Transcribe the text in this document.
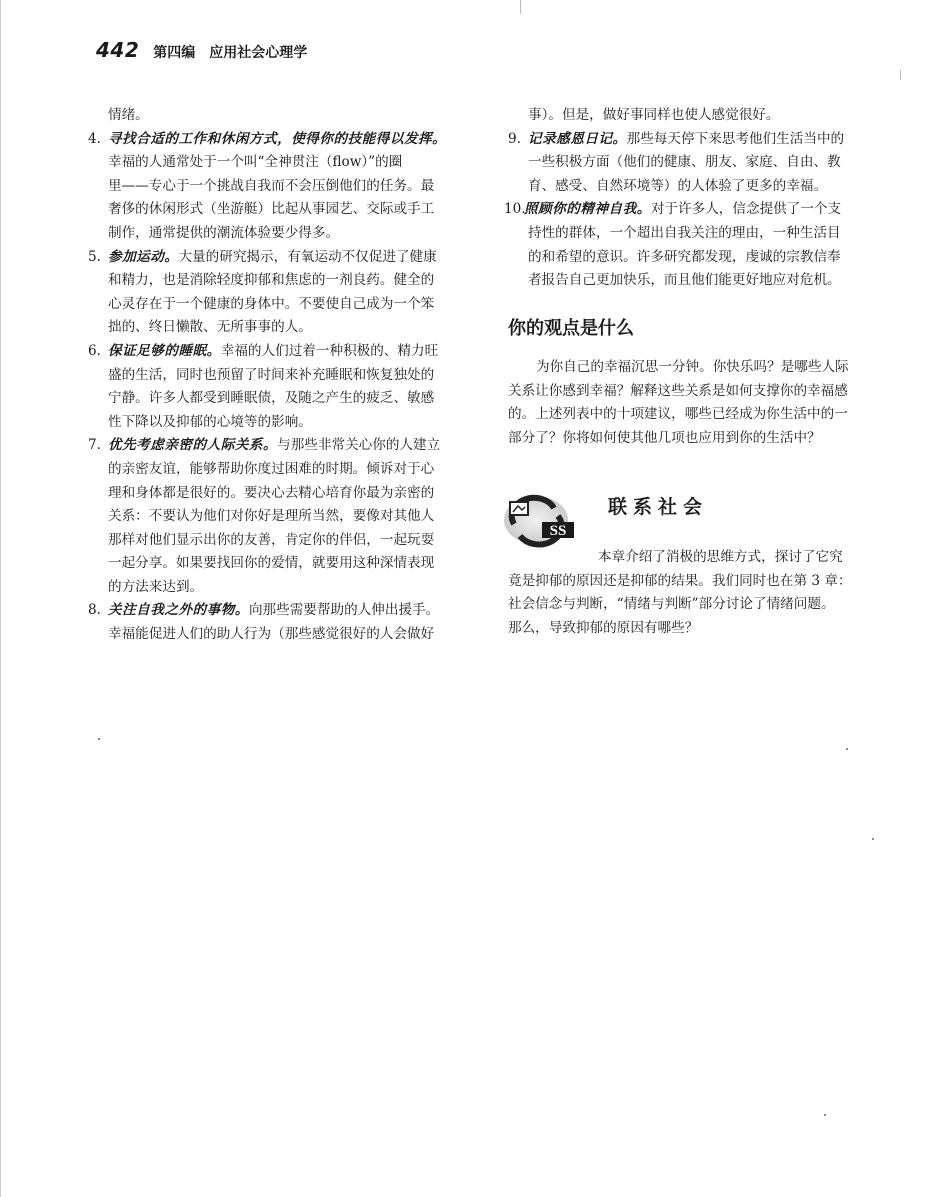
442 第四编　应用社会心理学
情绪。
4. 寻找合适的工作和休闲方式，使得你的技能得以发挥。
幸福的人通常处于一个叫“全神贯注（flow）”的圈
里——专心于一个挑战自我而不会压倒他们的任务。最
奢侈的休闲形式（坐游艇）比起从事园艺、交际或手工
制作，通常提供的潮流体验要少得多。
5. 参加运动。大量的研究揭示，有氧运动不仅促进了健康
和精力，也是消除轻度抑郁和焦虑的一剂良药。健全的
心灵存在于一个健康的身体中。不要使自己成为一个笨
拙的、终日懒散、无所事事的人。
6. 保证足够的睡眠。幸福的人们过着一种积极的、精力旺
盛的生活，同时也预留了时间来补充睡眠和恢复独处的
宁静。许多人都受到睡眠债，及随之产生的疲乏、敏感
性下降以及抑郁的心境等的影响。
7. 优先考虑亲密的人际关系。与那些非常关心你的人建立
的亲密友谊，能够帮助你度过困难的时期。倾诉对于心
理和身体都是很好的。要决心去精心培育你最为亲密的
关系：不要认为他们对你好是理所当然，要像对其他人
那样对他们显示出你的友善，肯定你的伴侣，一起玩耍
一起分享。如果要找回你的爱情，就要用这种深情表现
的方法来达到。
8. 关注自我之外的事物。向那些需要帮助的人伸出援手。
幸福能促进人们的助人行为（那些感觉很好的人会做好
事）。但是，做好事同样也使人感觉很好。
9. 记录感恩日记。那些每天停下来思考他们生活当中的
一些积极方面（他们的健康、朋友、家庭、自由、教
育、感受、自然环境等）的人体验了更多的幸福。
10.照顾你的精神自我。对于许多人，信念提供了一个支
持性的群体，一个超出自我关注的理由，一种生活目
的和希望的意识。许多研究都发现，虔诚的宗教信奉
者报告自己更加快乐，而且他们能更好地应对危机。
你的观点是什么
为你自己的幸福沉思一分钟。你快乐吗？是哪些人际
关系让你感到幸福？解释这些关系是如何支撑你的幸福感
的。上述列表中的十项建议，哪些已经成为你生活中的一
部分了？你将如何使其他几项也应用到你的生活中？
SS
联系社会
本章介绍了消极的思维方式，探讨了它究
竟是抑郁的原因还是抑郁的结果。我们同时也在第 3 章：
社会信念与判断，“情绪与判断”部分讨论了情绪问题。
那么，导致抑郁的原因有哪些？
